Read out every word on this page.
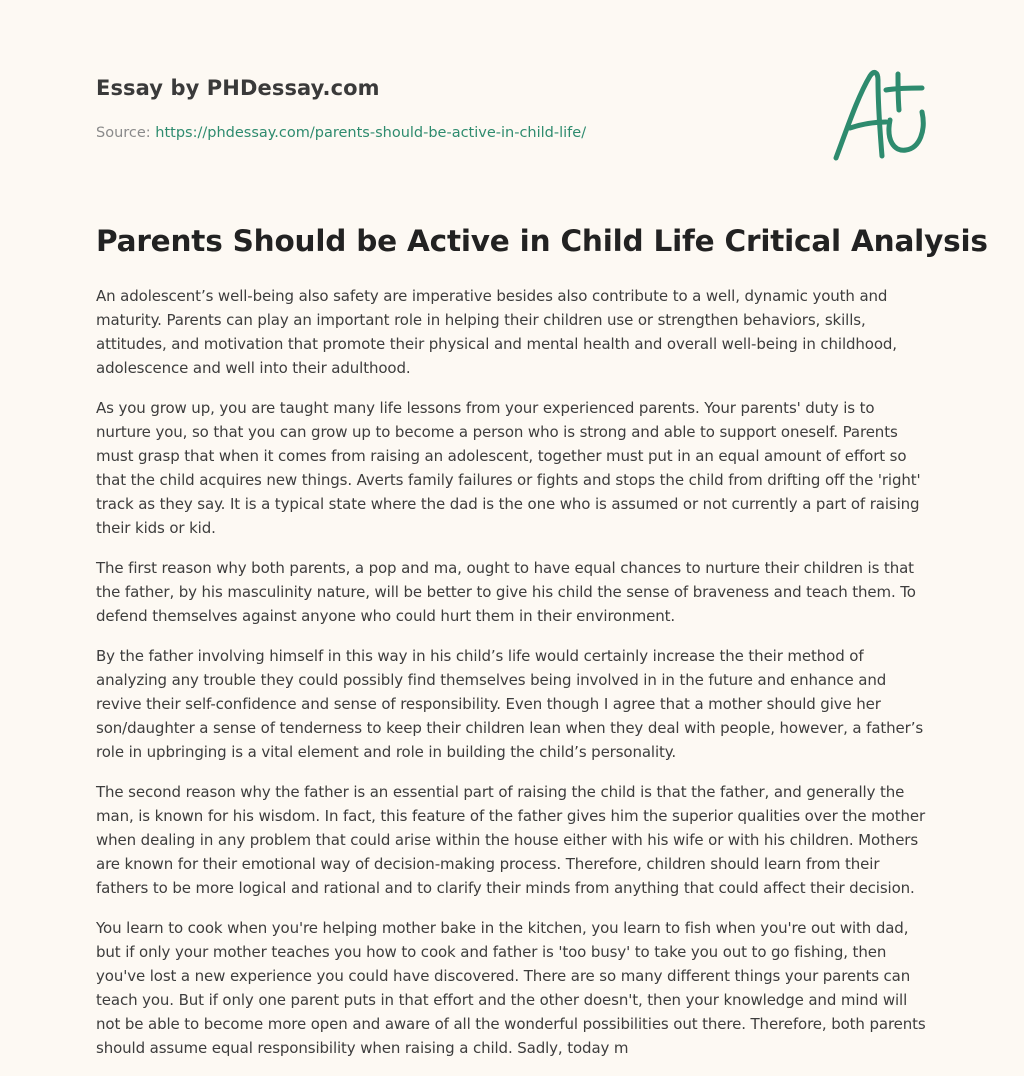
Essay by PHDessay.com
Source: https://phdessay.com/parents-should-be-active-in-child-life/
Parents Should be Active in Child Life Critical Analysis

An adolescent’s well-being also safety are imperative besides also contribute to a well, dynamic youth and maturity. Parents can play an important role in helping their children use or strengthen behaviors, skills, attitudes, and motivation that promote their physical and mental health and overall well-being in childhood, adolescence and well into their adulthood.

As you grow up, you are taught many life lessons from your experienced parents. Your parents' duty is to nurture you, so that you can grow up to become a person who is strong and able to support oneself. Parents must grasp that when it comes from raising an adolescent, together must put in an equal amount of effort so that the child acquires new things. Averts family failures or fights and stops the child from drifting off the 'right' track as they say. It is a typical state where the dad is the one who is assumed or not currently a part of raising their kids or kid.

The first reason why both parents, a pop and ma, ought to have equal chances to nurture their children is that the father, by his masculinity nature, will be better to give his child the sense of braveness and teach them. To defend themselves against anyone who could hurt them in their environment.

By the father involving himself in this way in his child’s life would certainly increase the their method of analyzing any trouble they could possibly find themselves being involved in in the future and enhance and revive their self-confidence and sense of responsibility. Even though I agree that a mother should give her son/daughter a sense of tenderness to keep their children lean when they deal with people, however, a father’s role in upbringing is a vital element and role in building the child’s personality.

The second reason why the father is an essential part of raising the child is that the father, and generally the man, is known for his wisdom. In fact, this feature of the father gives him the superior qualities over the mother when dealing in any problem that could arise within the house either with his wife or with his children. Mothers are known for their emotional way of decision-making process. Therefore, children should learn from their fathers to be more logical and rational and to clarify their minds from anything that could affect their decision.

You learn to cook when you're helping mother bake in the kitchen, you learn to fish when you're out with dad, but if only your mother teaches you how to cook and father is 'too busy' to take you out to go fishing, then you've lost a new experience you could have discovered. There are so many different things your parents can teach you. But if only one parent puts in that effort and the other doesn't, then your knowledge and mind will not be able to become more open and aware of all the wonderful possibilities out there. Therefore, both parents should assume equal responsibility when raising a child. Sadly, today m
